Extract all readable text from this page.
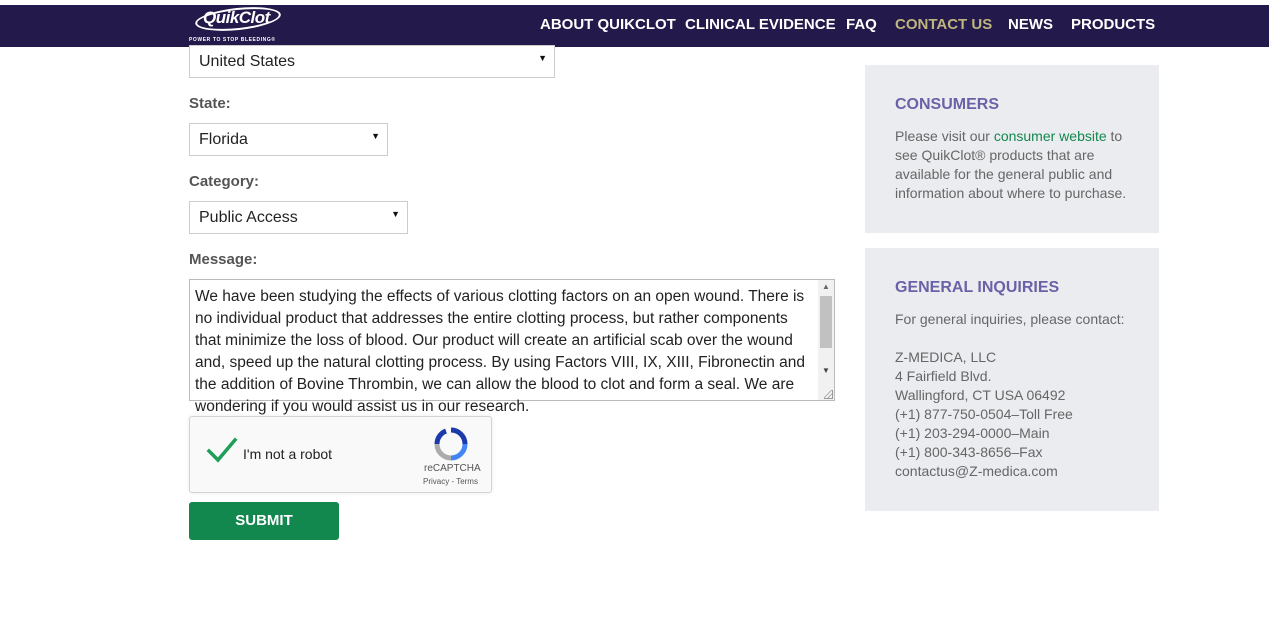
QuikClot
POWER TO STOP BLEEDING®
ABOUT QUIKCLOT CLINICAL EVIDENCE FAQ CONTACT US NEWS PRODUCTS
United States	▼
State:
Florida	▼
Category:
Public Access	▼
Message:
We have been studying the effects of various clotting factors on an open wound. There is no individual product that addresses the entire clotting process, but rather components that minimize the loss of blood. Our product will create an artificial scab over the wound and, speed up the natural clotting process. By using Factors VIII, IX, XIII, Fibronectin and the addition of Bovine Thrombin, we can allow the blood to clot and form a seal. We are wondering if you would assist us in our research.
▲
▼
I'm not a robot
reCAPTCHA
Privacy - Terms
SUBMIT
CONSUMERS
Please visit our consumer website to see QuikClot® products that are available for the general public and information about where to purchase.
GENERAL INQUIRIES
For general inquiries, please contact:
Z-MEDICA, LLC
4 Fairfield Blvd.
Wallingford, CT USA 06492
(+1) 877-750-0504–Toll Free
(+1) 203-294-0000–Main
(+1) 800-343-8656–Fax
contactus@Z-medica.com
